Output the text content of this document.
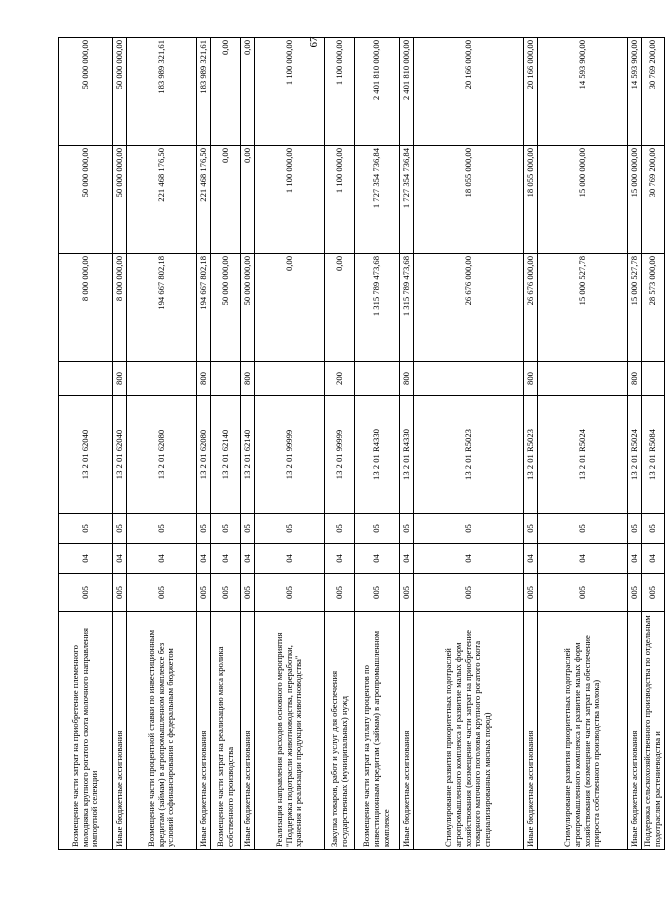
67
Возмещение части затрат на приобретение племенного молодняка крупного рогатого скота молочного направления импортной селекции	005	04	05	13 2 01 62040		8 000 000,00	50 000 000,00	50 000 000,00
Иные бюджетные ассигнования	005	04	05	13 2 01 62040	800	8 000 000,00	50 000 000,00	50 000 000,00
Возмещение части процентной ставки по инвестиционным кредитам (займам) в агропромышленном комплексе без условий софинансирования с федеральным бюджетом	005	04	05	13 2 01 62080		194 667 802,18	221 468 176,50	183 989 321,61
Иные бюджетные ассигнования	005	04	05	13 2 01 62080	800	194 667 802,18	221 468 176,50	183 989 321,61
Возмещение части затрат на реализацию мяса кролика собственного производства	005	04	05	13 2 01 62140		50 000 000,00	0,00	0,00
Иные бюджетные ассигнования	005	04	05	13 2 01 62140	800	50 000 000,00	0,00	0,00
Реализация направления расходов основного мероприятия "Поддержка подотрасли животноводства, переработки, хранения и реализации продукции животноводства"	005	04	05	13 2 01 99999		0,00	1 100 000,00	1 100 000,00
Закупка товаров, работ и услуг для обеспечения государственных (муниципальных) нужд	005	04	05	13 2 01 99999	200	0,00	1 100 000,00	1 100 000,00
Возмещение части затрат на уплату процентов по инвестиционным кредитам (займам) в агропромышленном комплексе	005	04	05	13 2 01 R4330		1 315 789 473,68	1 727 354 736,84	2 401 810 000,00
Иные бюджетные ассигнования	005	04	05	13 2 01 R4330	800	1 315 789 473,68	1 727 354 736,84	2 401 810 000,00
Стимулирование развития приоритетных подотраслей агропромышленного комплекса и развитие малых форм хозяйствования (возмещение части затрат на приобретение товарного маточного поголовья крупного рогатого скота специализированных мясных пород)	005	04	05	13 2 01 R5023		26 676 000,00	18 055 000,00	20 166 000,00
Иные бюджетные ассигнования	005	04	05	13 2 01 R5023	800	26 676 000,00	18 055 000,00	20 166 000,00
Стимулирование развития приоритетных подотраслей агропромышленного комплекса и развитие малых форм хозяйствования (возмещение части затрат на обеспечение прироста собственного производства молока)	005	04	05	13 2 01 R5024		15 000 527,78	15 000 000,00	14 593 900,00
Иные бюджетные ассигнования	005	04	05	13 2 01 R5024	800	15 000 527,78	15 000 000,00	14 593 900,00
Поддержка сельскохозяйственного производства по отдельным подотраслям растениеводства и	005	04	05	13 2 01 R5084		28 573 000,00	30 769 200,00	30 769 200,00
